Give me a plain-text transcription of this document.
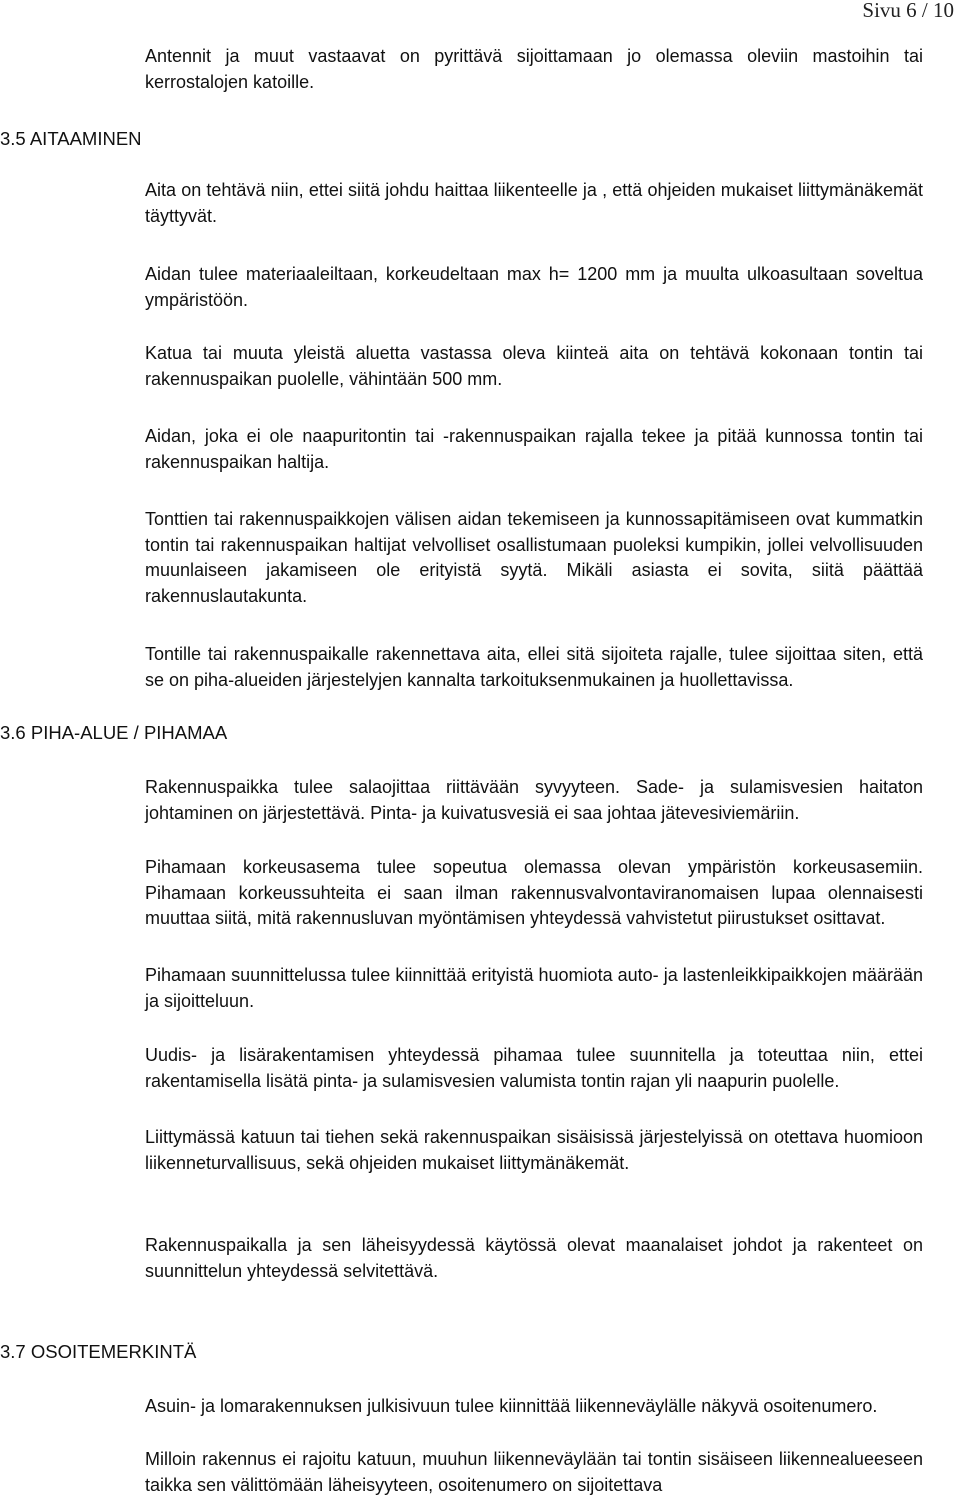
Sivu 6 / 10

Antennit ja muut vastaavat on pyrittävä sijoittamaan jo olemassa oleviin mastoihin tai kerrostalojen katoille.

3.5 AITAAMINEN

Aita on tehtävä niin, ettei siitä johdu haittaa liikenteelle ja , että ohjeiden mukaiset liittymänäkemät täyttyvät.

Aidan tulee materiaaleiltaan, korkeudeltaan max h= 1200 mm ja muulta ulkoasultaan soveltua ympäristöön.

Katua tai muuta yleistä aluetta vastassa oleva kiinteä aita on tehtävä kokonaan tontin tai rakennuspaikan puolelle, vähintään 500 mm.

Aidan, joka ei ole naapuritontin tai -rakennuspaikan rajalla tekee ja pitää kunnossa tontin tai rakennuspaikan haltija.

Tonttien tai rakennuspaikkojen välisen aidan tekemiseen ja kunnossapitämiseen ovat kummatkin tontin tai rakennuspaikan haltijat velvolliset osallistumaan puoleksi kumpikin, jollei velvollisuuden muunlaiseen jakamiseen ole erityistä syytä. Mikäli asiasta ei sovita, siitä päättää rakennuslautakunta.

Tontille tai rakennuspaikalle rakennettava aita, ellei sitä sijoiteta rajalle, tulee sijoittaa siten, että se on piha-alueiden järjestelyjen kannalta tarkoituksenmukainen ja huollettavissa.

3.6 PIHA-ALUE / PIHAMAA

Rakennuspaikka tulee salaojittaa riittävään syvyyteen. Sade- ja sulamisvesien haitaton johtaminen on järjestettävä. Pinta- ja kuivatusvesiä ei saa johtaa jätevesiviemäriin.

Pihamaan korkeusasema tulee sopeutua olemassa olevan ympäristön korkeusasemiin. Pihamaan korkeussuhteita ei saan ilman rakennusvalvontaviranomaisen lupaa olennaisesti muuttaa siitä, mitä rakennusluvan myöntämisen yhteydessä vahvistetut piirustukset osittavat.

Pihamaan suunnittelussa tulee kiinnittää erityistä huomiota auto- ja lastenleikkipaikkojen määrään ja sijoitteluun.

Uudis- ja lisärakentamisen yhteydessä pihamaa tulee suunnitella ja toteuttaa niin, ettei rakentamisella lisätä pinta- ja sulamisvesien valumista tontin rajan yli naapurin puolelle.

Liittymässä katuun tai tiehen sekä rakennuspaikan sisäisissä järjestelyissä on otettava huomioon liikenneturvallisuus, sekä ohjeiden mukaiset liittymänäkemät.

Rakennuspaikalla ja sen läheisyydessä käytössä olevat maanalaiset johdot ja rakenteet on suunnittelun yhteydessä selvitettävä.

3.7 OSOITEMERKINTÄ

Asuin- ja lomarakennuksen julkisivuun tulee kiinnittää liikenneväylälle näkyvä osoitenumero.

Milloin rakennus ei rajoitu katuun, muuhun liikenneväylään tai tontin sisäiseen liikennealueeseen taikka sen välittömään läheisyyteen, osoitenumero on sijoitettava
